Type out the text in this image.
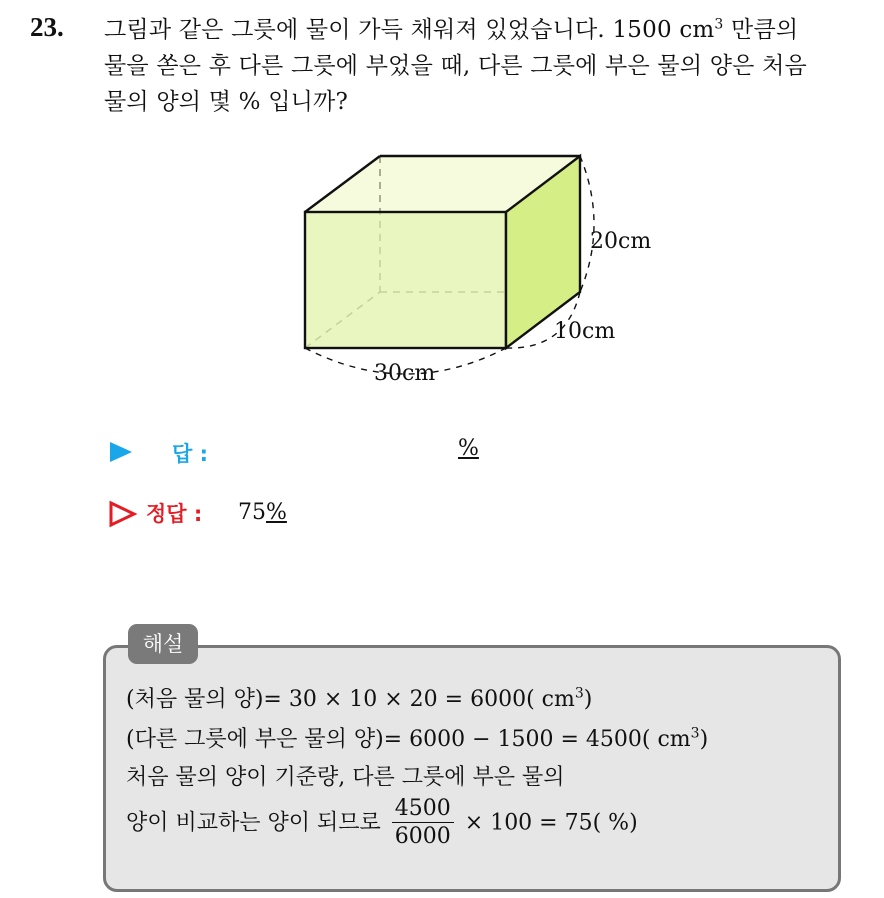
23. 그림과 같은 그릇에 물이 가득 채워져 있었습니다. 1500 $cm^3$ 만큼의
물을 쏟은 후 다른 그릇에 부었을 때, 다른 그릇에 부은 물의 양은 처음
물의 양의 몇 % 입니까?
20cm
10cm
30cm
답 :	%
정답 : 75%
해설
(처음 물의 양)= 30 × 10 × 20 = 6000( $cm^3$)
(다른 그릇에 부은 물의 양)= 6000 − 1500 = 4500( $cm^3$)
처음 물의 양이 기준량, 다른 그릇에 부은 물의
양이 비교하는 양이 되므로 $\frac{4500}{6000} \times 100 = 75$( %)
